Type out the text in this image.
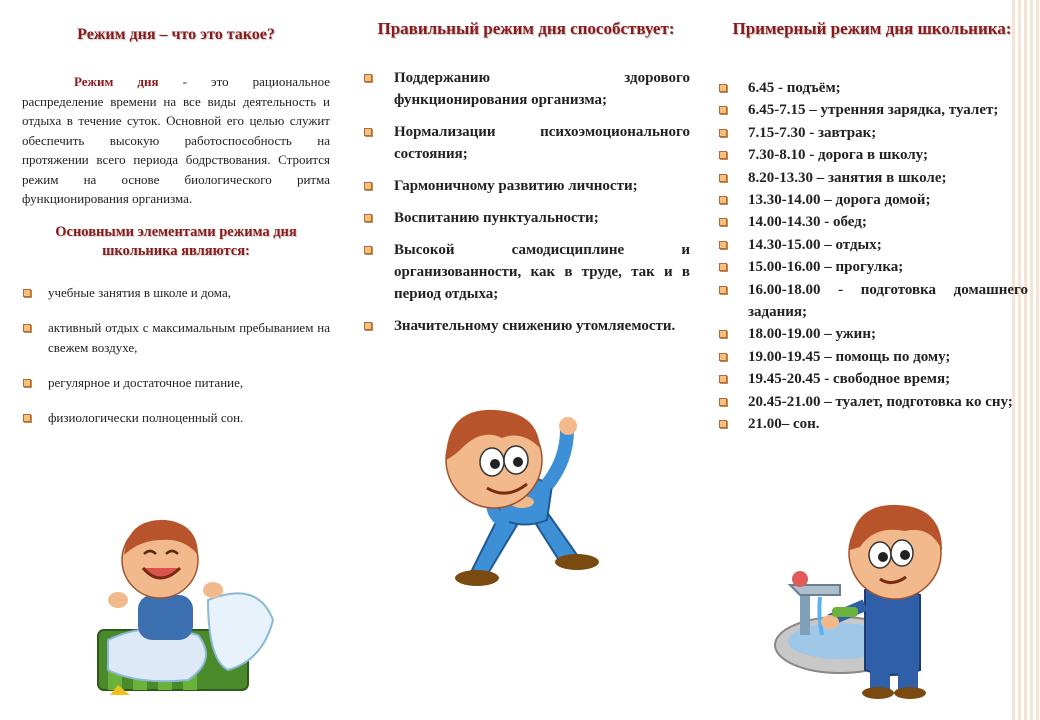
Режим дня – что это такое?

Режим дня - это рациональное распределение времени на все виды деятельность и отдыха в течение суток. Основной его целью служит обеспечить высокую работоспособность на протяжении всего периода бодрствования. Строится режим на основе биологического ритма функционирования организма.

Основными элементами режима дня школьника являются:
учебные занятия в школе и дома,
активный отдых с максимальным пребыванием на свежем воздухе,
регулярное и достаточное питание,
физиологически полноценный сон.
Правильный режим дня способствует:
Поддержанию здорового функционирования организма;
Нормализации психоэмоционального состояния;
Гармоничному развитию личности;
Воспитанию пунктуальности;
Высокой самодисциплине и организованности, как в труде, так и в период отдыха;
Значительному снижению утомляемости.
Примерный режим дня школьника:
6.45 - подъём;
6.45-7.15 – утренняя зарядка, туалет;
7.15-7.30 - завтрак;
7.30-8.10 - дорога в школу;
8.20-13.30 – занятия в школе;
13.30-14.00 – дорога домой;
14.00-14.30 - обед;
14.30-15.00 – отдых;
15.00-16.00 – прогулка;
16.00-18.00 - подготовка домашнего задания;
18.00-19.00 – ужин;
19.00-19.45 – помощь по дому;
19.45-20.45 - свободное время;
20.45-21.00 – туалет, подготовка ко сну;
21.00– сон.
